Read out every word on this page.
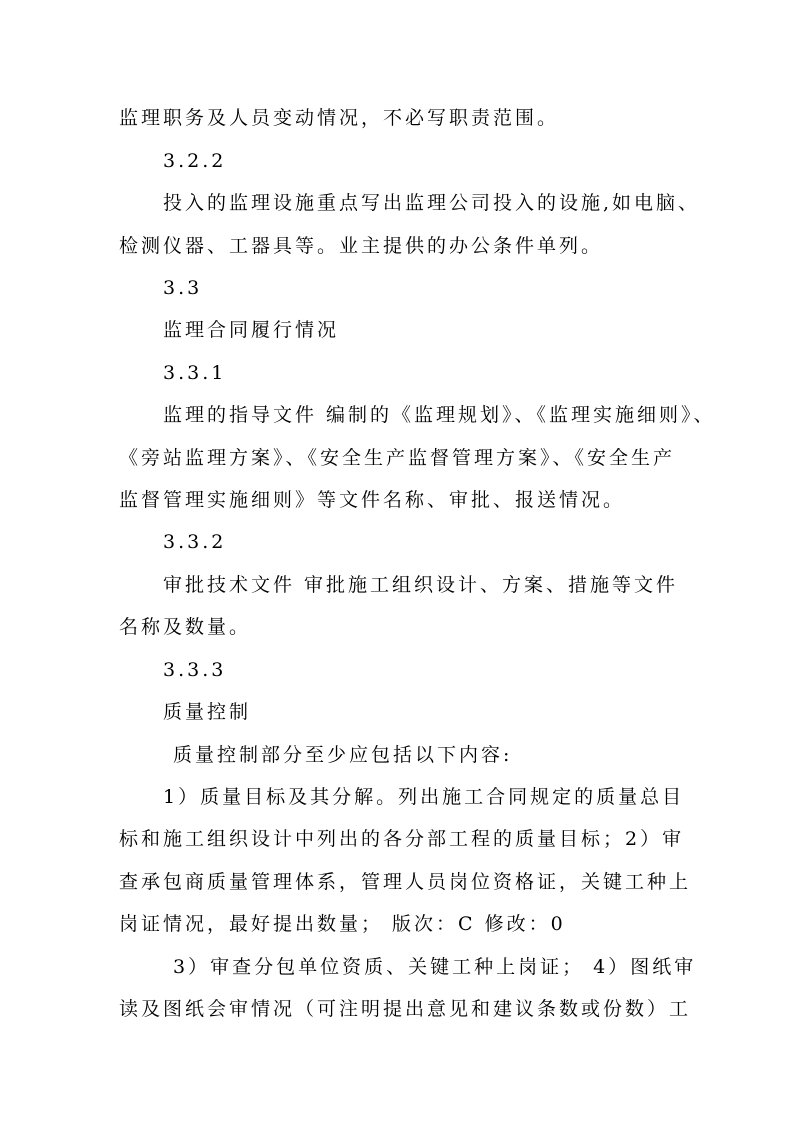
监理职务及人员变动情况，不必写职责范围。
3.2.2
投入的监理设施重点写出监理公司投入的设施,如电脑、
检测仪器、工器具等。业主提供的办公条件单列。
3.3
监理合同履行情况
3.3.1
监理的指导文件 编制的《监理规划》、《监理实施细则》、
《旁站监理方案》、《安全生产监督管理方案》、《安全生产
监督管理实施细则》等文件名称、审批、报送情况。
3.3.2
审批技术文件 审批施工组织设计、方案、措施等文件
名称及数量。
3.3.3
质量控制
质量控制部分至少应包括以下内容:
1）质量目标及其分解。列出施工合同规定的质量总目
标和施工组织设计中列出的各分部工程的质量目标；2）审
查承包商质量管理体系，管理人员岗位资格证，关键工种上
岗证情况，最好提出数量； 版次：C 修改：0
3）审查分包单位资质、关键工种上岗证； 4）图纸审
读及图纸会审情况（可注明提出意见和建议条数或份数）工
